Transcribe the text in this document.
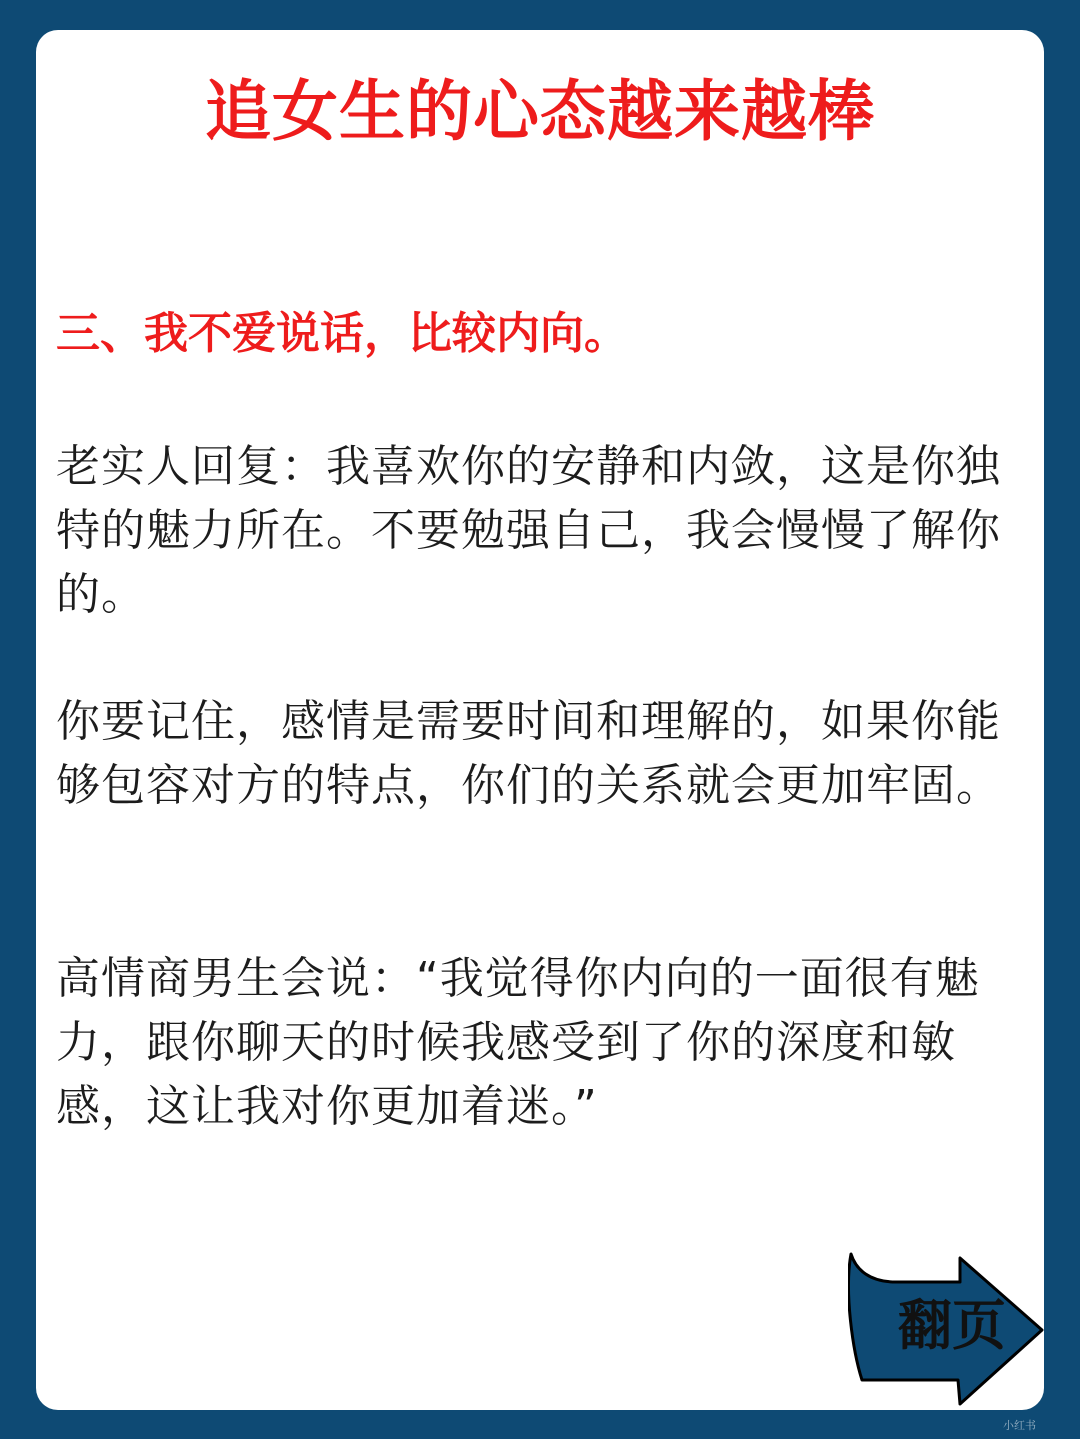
追女生的心态越来越棒
三、我不爱说话，比较内向。
老实人回复：我喜欢你的安静和内敛，这是你独特的魅力所在。不要勉强自己，我会慢慢了解你的。
你要记住，感情是需要时间和理解的，如果你能够包容对方的特点，你们的关系就会更加牢固。
高情商男生会说：“我觉得你内向的一面很有魅力，跟你聊天的时候我感受到了你的深度和敏感，这让我对你更加着迷。”
翻页
小红书
